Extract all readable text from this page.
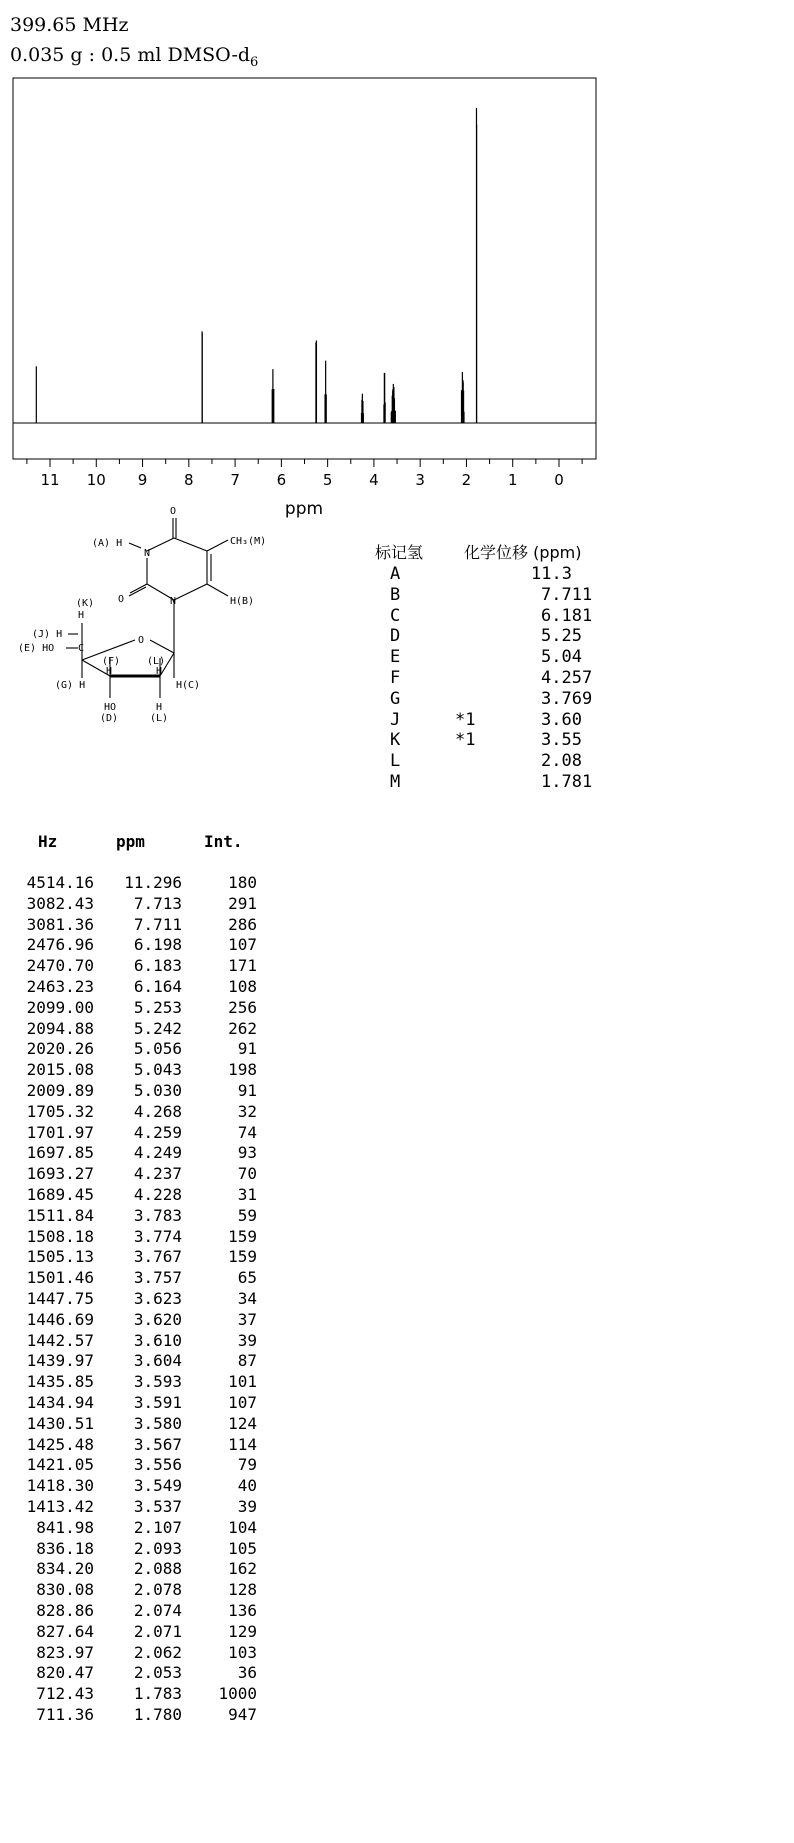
399.65 MHz
0.035 g : 0.5 ml DMSO-$d_6$
11 10 9 8 7 6 5 4 3 2 1 0
ppm
O
(A) H
N
CH₃(M)
O	N	H(B)
(K)
H
(J) H
(E) HO C
O
(F)
H
(L)
H
(G) H	H(C)
HO
(D)
H
(L)
标记氢	化学位移 (ppm)
A	11.3
B	7.711
C	6.181
D	5.25
E	5.04
F	4.257
G	3.769
J	*1	3.60
K	*1	3.55
L	2.08
M	1.781
Hz	ppm	Int.
4514.16 11.296	180
3082.43 7.713	291
3081.36 7.711	286
2476.96 6.198	107
2470.70 6.183	171
2463.23 6.164	108
2099.00 5.253	256
2094.88 5.242	262
2020.26 5.056	91
2015.08 5.043	198
2009.89 5.030	91
1705.32 4.268	32
1701.97 4.259	74
1697.85 4.249	93
1693.27 4.237	70
1689.45 4.228	31
1511.84 3.783	59
1508.18 3.774	159
1505.13 3.767	159
1501.46 3.757	65
1447.75 3.623	34
1446.69 3.620	37
1442.57 3.610	39
1439.97 3.604	87
1435.85 3.593	101
1434.94 3.591	107
1430.51 3.580	124
1425.48 3.567	114
1421.05 3.556	79
1418.30 3.549	40
1413.42 3.537	39
841.98 2.107	104
836.18 2.093	105
834.20 2.088	162
830.08 2.078	128
828.86 2.074	136
827.64 2.071	129
823.97 2.062	103
820.47 2.053	36
712.43 1.783 1000
711.36 1.780	947
